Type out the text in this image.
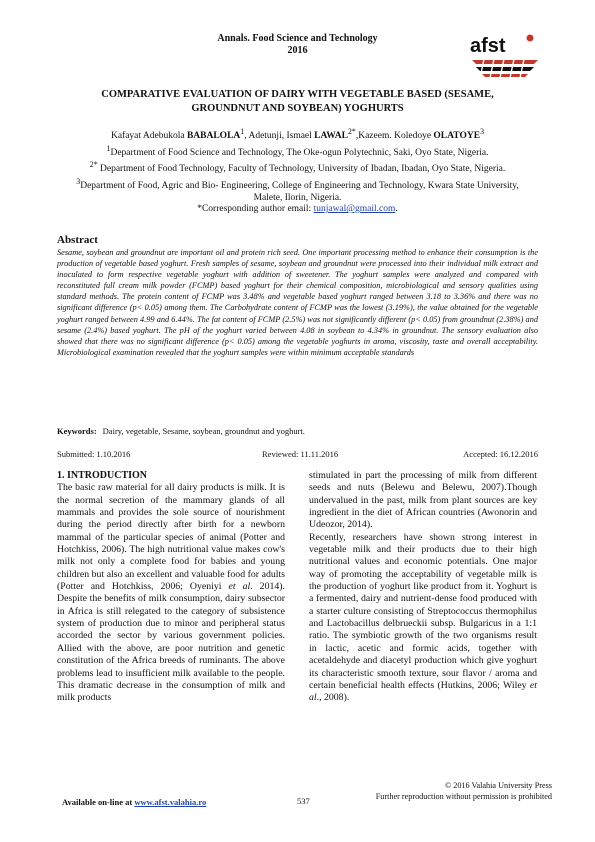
Annals. Food Science and Technology
2016	afst
COMPARATIVE EVALUATION OF DAIRY WITH VEGETABLE BASED (SESAME,
GROUNDNUT AND SOYBEAN) YOGHURTS
Kafayat Adebukola BABALOLA$^1$, Adetunji, Ismael $LAWAL^{2*},Kazeem$. Koledoye OLATOYE$^3$
$^1$Department of Food Science and Technology, The Oke-ogun Polytechnic, Saki, Oyo State, Nigeria.
$^{2*}$ Department of Food Technology, Faculty of Technology, University of Ibadan, Ibadan, Oyo State, Nigeria.
$^3$Department of Food, Agric and Bio- Engineering, College of Engineering and Technology, Kwara State University,
Malete, Ilorin, Nigeria.
*Corresponding author email: tunjawal@gmail.com.
Abstract
Sesame, soybean and groundnut are important oil and protein rich seed. One important processing method to enhance their consumption is the production of vegetable based yoghurt. Fresh samples of sesame, soybean and groundnut were processed into their individual milk extract and inoculated to form respective vegetable yoghurt with addition of sweetener. The yoghurt samples were analyzed and compared with reconstituted full cream milk powder (FCMP) based yoghurt for their chemical composition, microbiological and sensory qualities using standard methods. The protein content of FCMP was 3.48% and vegetable based yoghurt ranged between 3.18 to 3.36% and there was no significant difference (p< 0.05) among them. The Carbohydrate content of FCMP was the lowest (3.19%), the value obtained for the vegetable yoghurt ranged between 4.99 and 6.44%. The fat content of FCMP (2.5%) was not significantly different (p< 0.05) from groundnut (2.38%) and sesame (2.4%) based yoghurt. The pH of the yoghurt varied between 4.08 in soybean to 4.34% in groundnut. The sensory evaluation also showed that there was no significant difference (p< 0.05) among the vegetable yoghurts in aroma, viscosity, taste and overall acceptability. Microbiological examination revealed that the yoghurt samples were within minimum acceptable standards
Keywords: Dairy, vegetable, Sesame, soybean, groundnut and yoghurt.
Submitted: 1.10.2016	Reviewed: 11.11.2016	Accepted: 16.12.2016
1. INTRODUCTION

The basic raw material for all dairy products is milk. It is the normal secretion of the mammary glands of all mammals and provides the sole source of nourishment during the period directly after birth for a newborn mammal of the particular species of animal (Potter and Hotchkiss, 2006). The high nutritional value makes cow's milk not only a complete food for babies and young children but also an excellent and valuable food for adults (Potter and Hotchkiss, 2006; Oyeniyi et al. 2014). Despite the benefits of milk consumption, dairy subsector in Africa is still relegated to the category of subsistence system of production due to minor and peripheral status accorded the sector by various government policies. Allied with the above, are poor nutrition and genetic constitution of the Africa breeds of ruminants. The above problems lead to insufficient milk available to the people. This dramatic decrease in the consumption of milk and milk products

stimulated in part the processing of milk from different seeds and nuts (Belewu and Belewu, 2007).Though undervalued in the past, milk from plant sources are key ingredient in the diet of African countries (Awonorin and Udeozor, 2014).

Recently, researchers have shown strong interest in vegetable milk and their products due to their high nutritional values and economic potentials. One major way of promoting the acceptability of vegetable milk is the production of yoghurt like product from it. Yoghurt is a fermented, dairy and nutrient-dense food produced with a starter culture consisting of Streptococcus thermophilus and Lactobacillus delbrueckii subsp. Bulgaricus in a 1:1 ratio. The symbiotic growth of the two organisms result in lactic, acetic and formic acids, together with acetaldehyde and diacetyl production which give yoghurt its characteristic smooth texture, sour flavor / aroma and certain beneficial health effects (Hutkins, 2006; Wiley et al., 2008).

© 2016 Valahia University Press
Further reproduction without permission is prohibited
Available on-line at www.afst.valahia.ro	537
